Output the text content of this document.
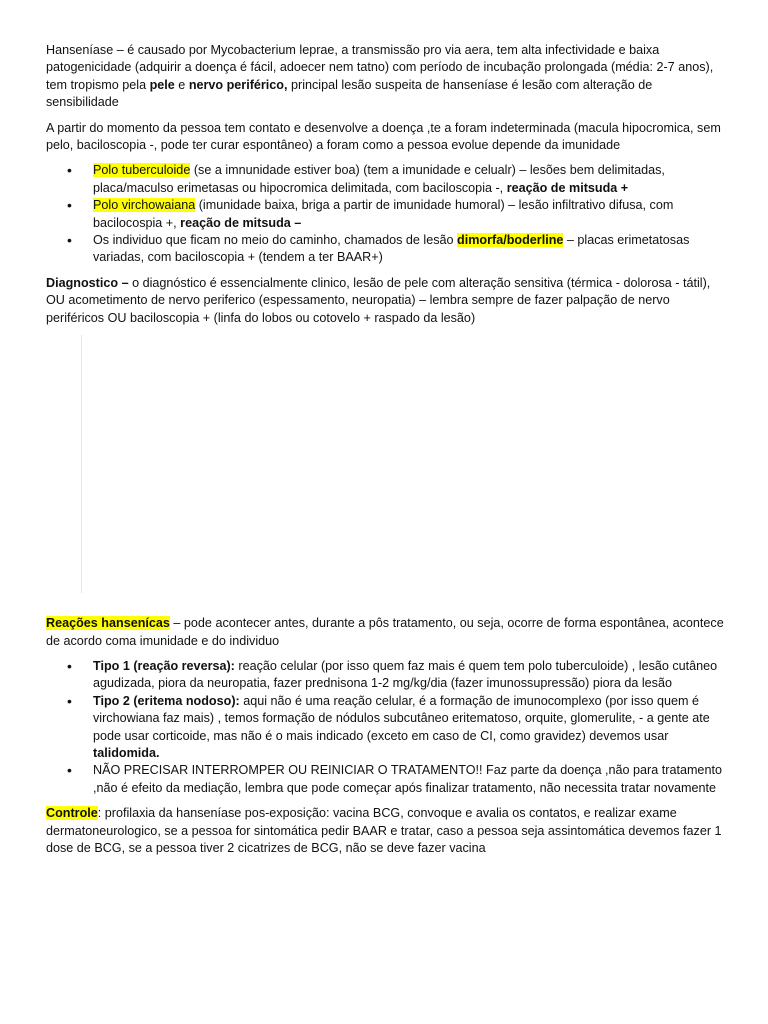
Hanseníase – é causado por Mycobacterium leprae, a transmissão pro via aera, tem alta infectividade e baixa patogenicidade (adquirir a doença é fácil, adoecer nem tatno) com período de incubação prolongada (média: 2-7 anos), tem tropismo pela pele e nervo periférico, principal lesão suspeita de hanseníase é lesão com alteração de sensibilidade

A partir do momento da pessoa tem contato e desenvolve a doença ,te a foram indeterminada (macula hipocromica, sem pelo, baciloscopia -, pode ter curar espontâneo) a foram como a pessoa evolue depende da imunidade

• Polo tuberculoide (se a imnunidade estiver boa) (tem a imunidade e celualr) – lesões bem delimitadas, placa/maculso erimetasas ou hipocromica delimitada, com baciloscopia -, reação de mitsuda +
• Polo virchowaiana (imunidade baixa, briga a partir de imunidade humoral) – lesão infiltrativo difusa, com bacilocospia +, reação de mitsuda –
• Os individuo que ficam no meio do caminho, chamados de lesão dimorfa/boderline – placas erimetatosas variadas, com baciloscopia + (tendem a ter BAAR+)

Diagnostico – o diagnóstico é essencialmente clinico, lesão de pele com alteração sensitiva (térmica - dolorosa - tátil), OU acometimento de nervo periferico (espessamento, neuropatia) – lembra sempre de fazer palpação de nervo periféricos OU baciloscopia + (linfa do lobos ou cotovelo + raspado da lesão)

Reações hansenícas – pode acontecer antes, durante a pôs tratamento, ou seja, ocorre de forma espontânea, acontece de acordo coma imunidade e do individuo

• Tipo 1 (reação reversa): reação celular (por isso quem faz mais é quem tem polo tuberculoide) , lesão cutâneo agudizada, piora da neuropatia, fazer prednisona 1-2 mg/kg/dia (fazer imunossupressão) piora da lesão
• Tipo 2 (eritema nodoso): aqui não é uma reação celular, é a formação de imunocomplexo (por isso quem é virchowiana faz mais) , temos formação de nódulos subcutâneo eritematoso, orquite, glomerulite, - a gente ate pode usar corticoide, mas não é o mais indicado (exceto em caso de CI, como gravidez) devemos usar talidomida.
• NÃO PRECISAR INTERROMPER OU REINICIAR O TRATAMENTO!! Faz parte da doença ,não para tratamento ,não é efeito da mediação, lembra que pode começar após finalizar tratamento, não necessita tratar novamente

Controle: profilaxia da hanseníase pos-exposição: vacina BCG, convoque e avalia os contatos, e realizar exame dermatoneurologico, se a pessoa for sintomática pedir BAAR e tratar, caso a pessoa seja assintomática devemos fazer 1 dose de BCG, se a pessoa tiver 2 cicatrizes de BCG, não se deve fazer vacina
